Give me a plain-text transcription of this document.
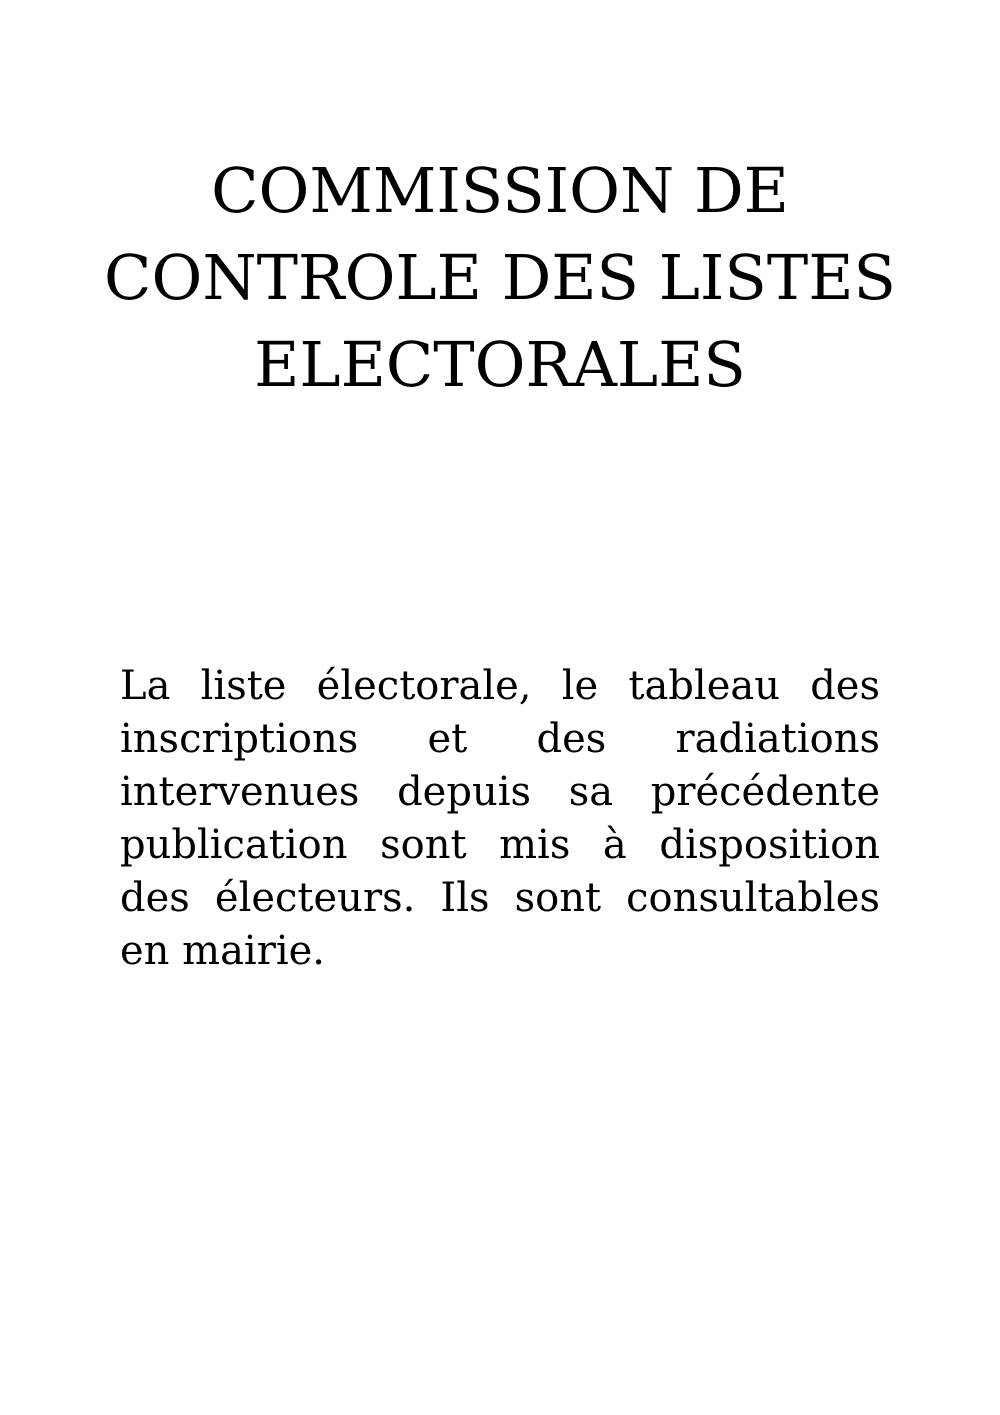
COMMISSION DE
CONTROLE DES LISTES
ELECTORALES
La liste électorale, le tableau des
inscriptions et des radiations
intervenues depuis sa précédente
publication sont mis à disposition
des électeurs. Ils sont consultables
en mairie.
